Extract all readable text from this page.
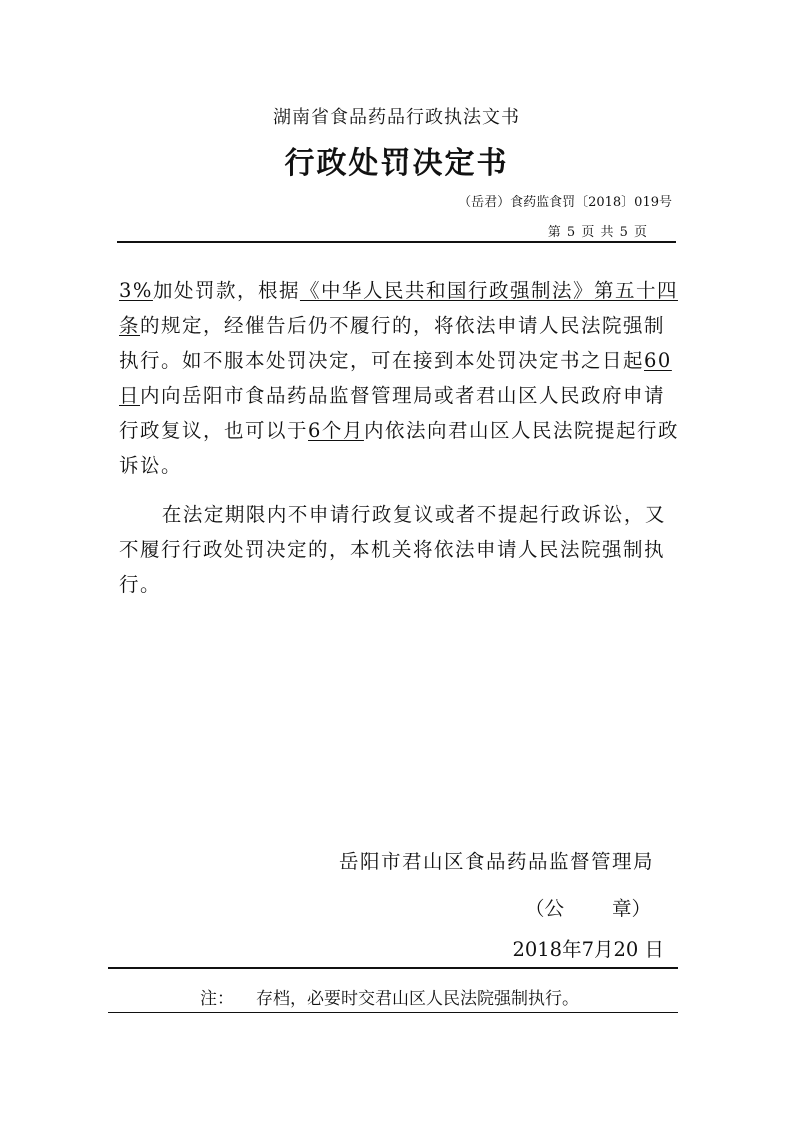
湖南省食品药品行政执法文书
行政处罚决定书
（岳君）食药监食罚〔2018〕019号
第 5 页 共 5 页
3%加处罚款，根据《中华人民共和国行政强制法》第五十四条的规定，经催告后仍不履行的，将依法申请人民法院强制执行。如不服本处罚决定，可在接到本处罚决定书之日起60日内向岳阳市食品药品监督管理局或者君山区人民政府申请行政复议，也可以于6个月内依法向君山区人民法院提起行政诉讼。
在法定期限内不申请行政复议或者不提起行政诉讼，又不履行行政处罚决定的，本机关将依法申请人民法院强制执行。
岳阳市君山区食品药品监督管理局
（公 章）
2018年7月20 日
注： 存档，必要时交君山区人民法院强制执行。
